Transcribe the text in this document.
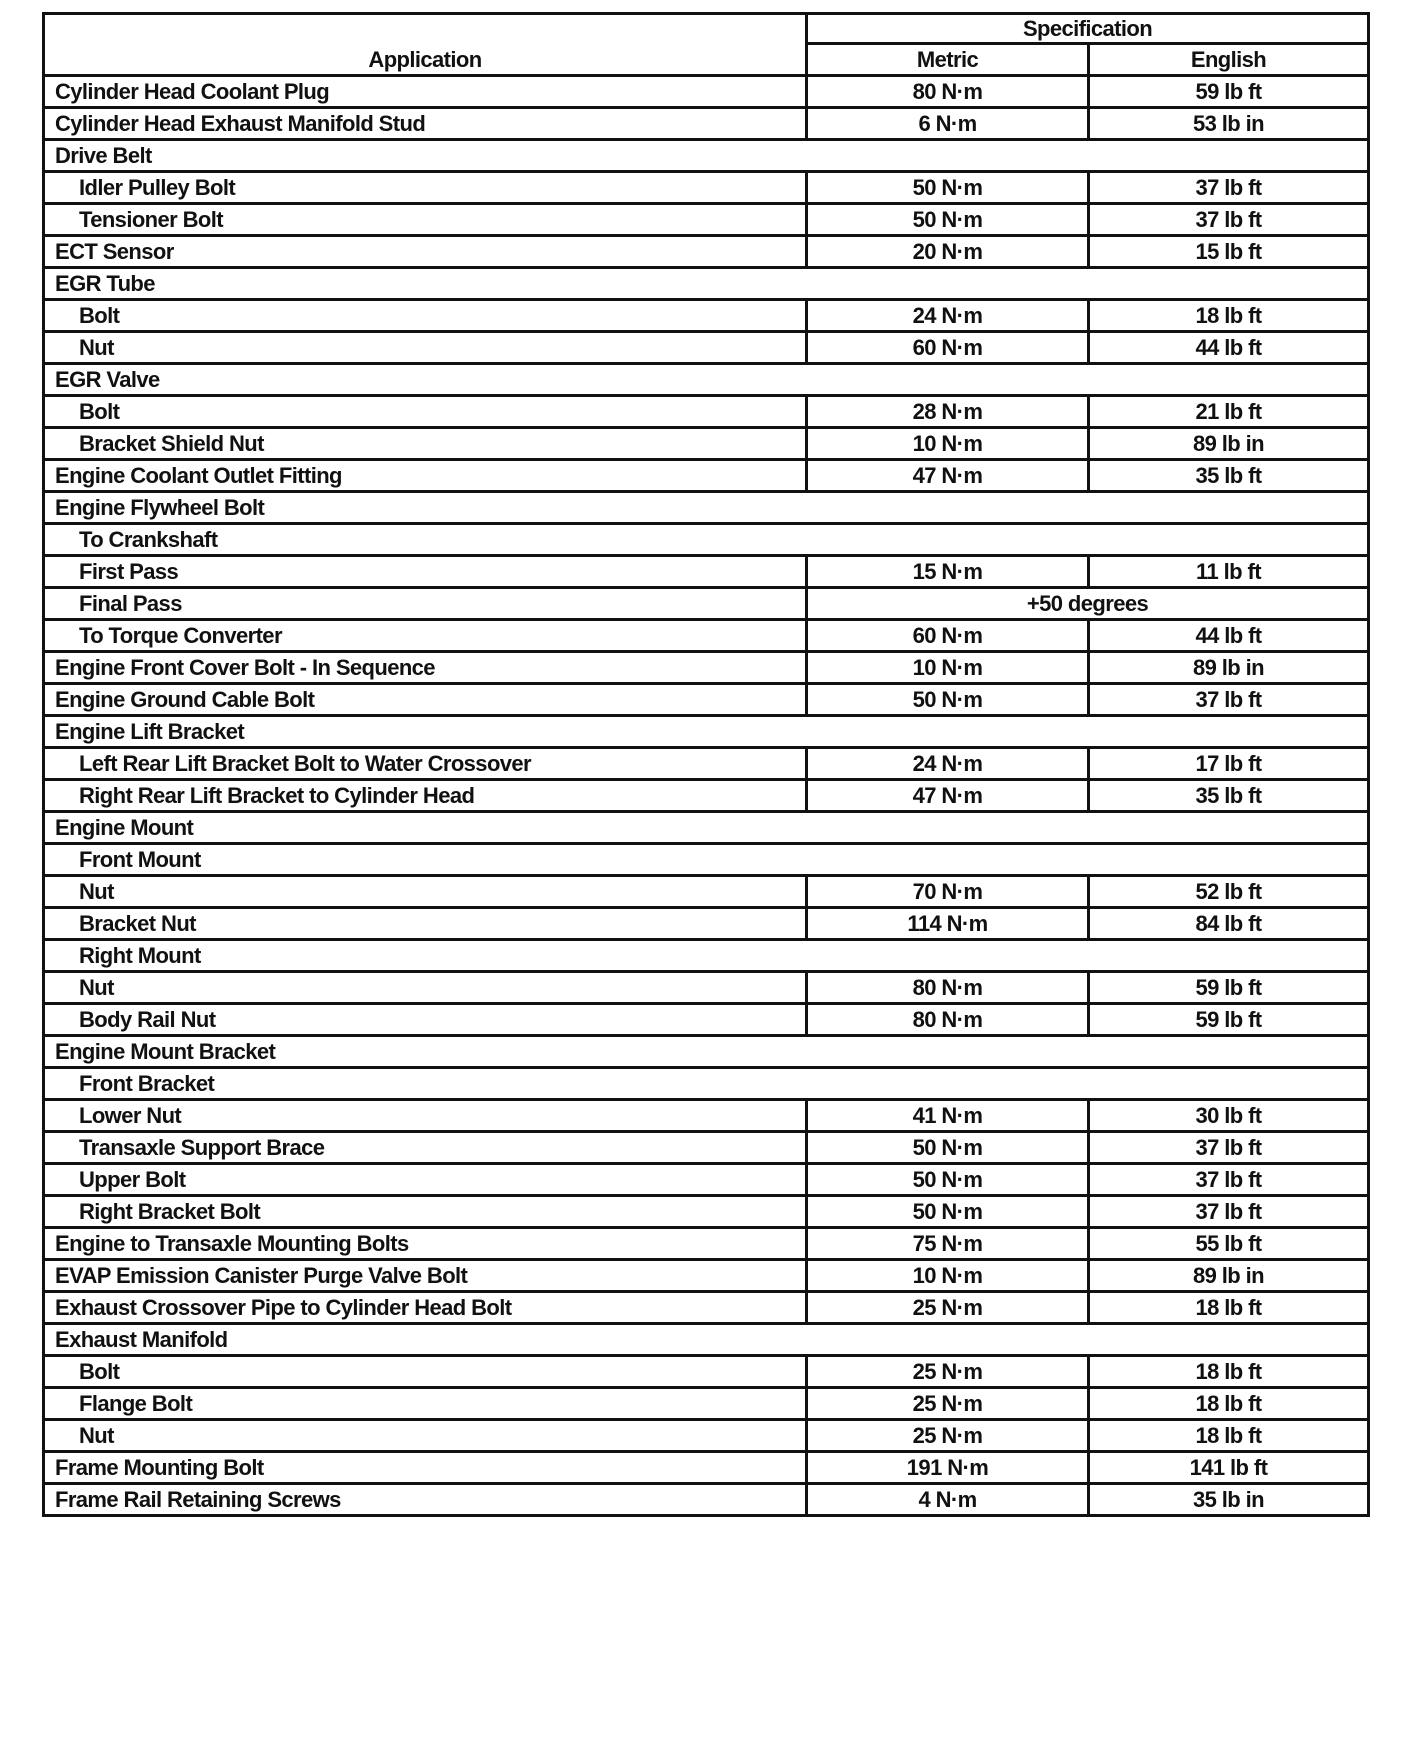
Application	Specification	
	Metric	English
Cylinder Head Coolant Plug	80 N·m	59 lb ft
Cylinder Head Exhaust Manifold Stud	6 N·m	53 lb in
Drive Belt		
Idler Pulley Bolt	50 N·m	37 lb ft
Tensioner Bolt	50 N·m	37 lb ft
ECT Sensor	20 N·m	15 lb ft
EGR Tube		
Bolt	24 N·m	18 lb ft
Nut	60 N·m	44 lb ft
EGR Valve		
Bolt	28 N·m	21 lb ft
Bracket Shield Nut	10 N·m	89 lb in
Engine Coolant Outlet Fitting	47 N·m	35 lb ft
Engine Flywheel Bolt		
To Crankshaft		
First Pass	15 N·m	11 lb ft
Final Pass	+50 degrees	
To Torque Converter	60 N·m	44 lb ft
Engine Front Cover Bolt - In Sequence	10 N·m	89 lb in
Engine Ground Cable Bolt	50 N·m	37 lb ft
Engine Lift Bracket		
Left Rear Lift Bracket Bolt to Water Crossover	24 N·m	17 lb ft
Right Rear Lift Bracket to Cylinder Head	47 N·m	35 lb ft
Engine Mount		
Front Mount		
Nut	70 N·m	52 lb ft
Bracket Nut	114 N·m	84 lb ft
Right Mount		
Nut	80 N·m	59 lb ft
Body Rail Nut	80 N·m	59 lb ft
Engine Mount Bracket		
Front Bracket		
Lower Nut	41 N·m	30 lb ft
Transaxle Support Brace	50 N·m	37 lb ft
Upper Bolt	50 N·m	37 lb ft
Right Bracket Bolt	50 N·m	37 lb ft
Engine to Transaxle Mounting Bolts	75 N·m	55 lb ft
EVAP Emission Canister Purge Valve Bolt	10 N·m	89 lb in
Exhaust Crossover Pipe to Cylinder Head Bolt	25 N·m	18 lb ft
Exhaust Manifold		
Bolt	25 N·m	18 lb ft
Flange Bolt	25 N·m	18 lb ft
Nut	25 N·m	18 lb ft
Frame Mounting Bolt	191 N·m	141 lb ft
Frame Rail Retaining Screws	4 N·m	35 lb in
